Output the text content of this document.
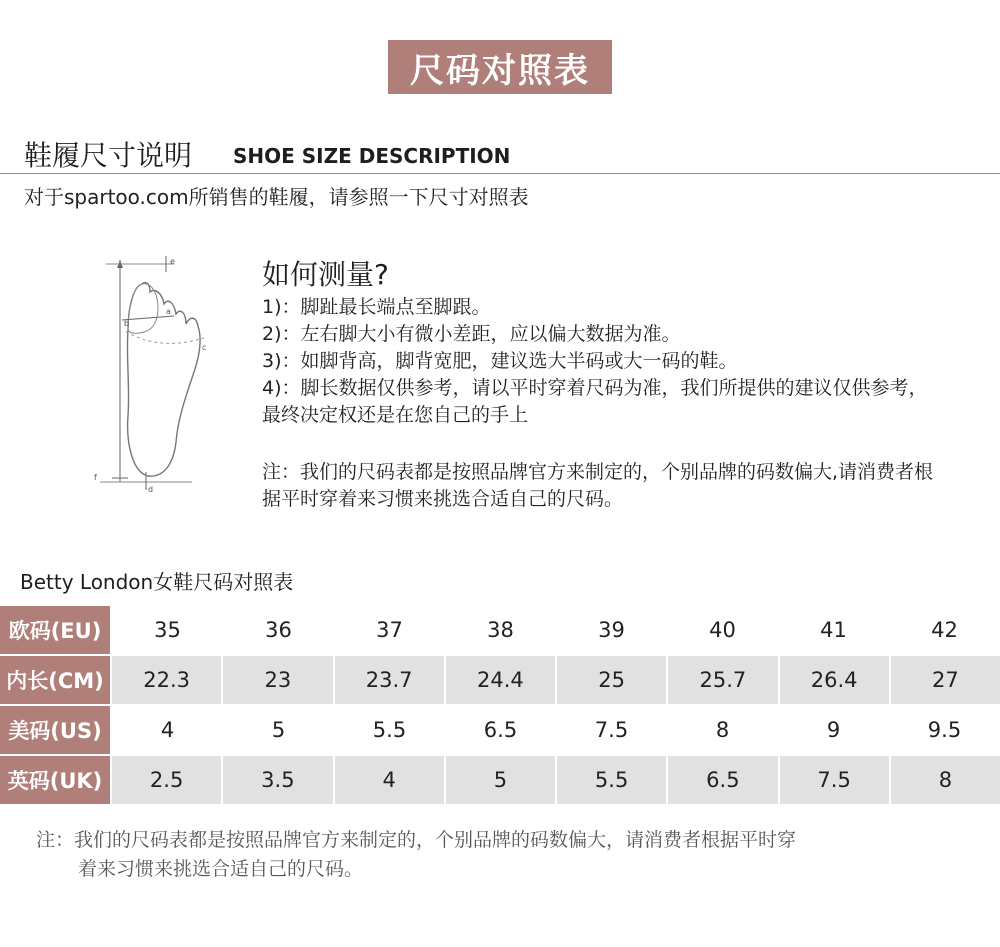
尺码对照表
鞋履尺寸说明 SHOE SIZE DESCRIPTION
对于spartoo.com所销售的鞋履，请参照一下尺寸对照表
e
b
a
c
f
d
如何测量?
1)：脚趾最长端点至脚跟。
2)：左右脚大小有微小差距，应以偏大数据为准。
3)：如脚背高，脚背宽肥，建议选大半码或大一码的鞋。
4)：脚长数据仅供参考，请以平时穿着尺码为准，我们所提供的建议仅供参考，最终决定权还是在您自己的手上
注：我们的尺码表都是按照品牌官方来制定的，个别品牌的码数偏大,请消费者根据平时穿着来习惯来挑选合适自己的尺码。
Betty London女鞋尺码对照表
欧码(EU)	35	36	37	38	39	40	41	42
内长(CM)	22.3	23	23.7	24.4	25	25.7	26.4	27
美码(US)	4	5	5.5	6.5	7.5	8	9	9.5
英码(UK)	2.5	3.5	4	5	5.5	6.5	7.5	8
注：我们的尺码表都是按照品牌官方来制定的，个别品牌的码数偏大，请消费者根据平时穿
着来习惯来挑选合适自己的尺码。
